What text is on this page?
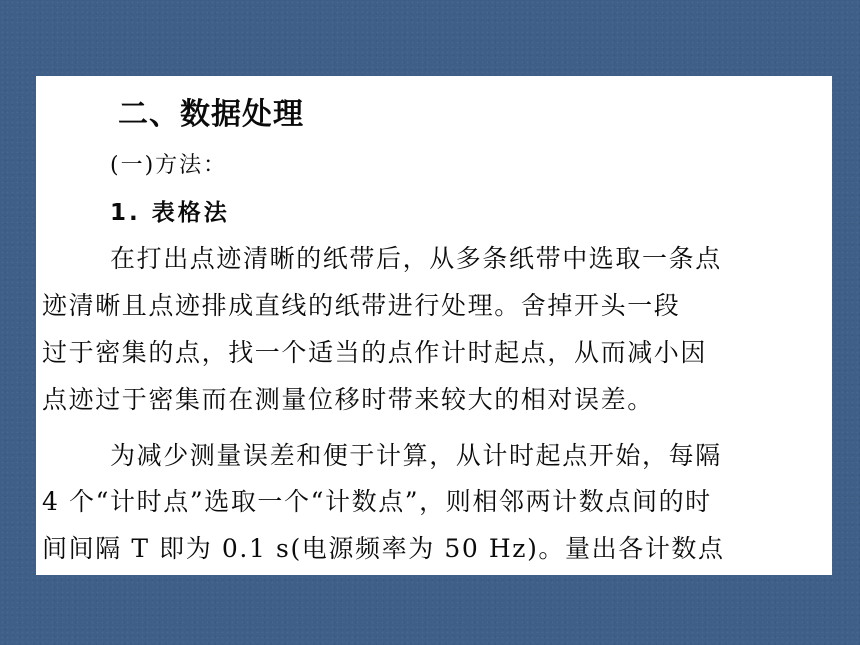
二、数据处理
(一)方法：
1. 表格法
在打出点迹清晰的纸带后，从多条纸带中选取一条点
迹清晰且点迹排成直线的纸带进行处理。舍掉开头一段
过于密集的点，找一个适当的点作计时起点，从而减小因
点迹过于密集而在测量位移时带来较大的相对误差。
为减少测量误差和便于计算，从计时起点开始，每隔
4 个“计时点”选取一个“计数点”，则相邻两计数点间的时
间间隔 T 即为 0.1 s(电源频率为 50 Hz)。量出各计数点
